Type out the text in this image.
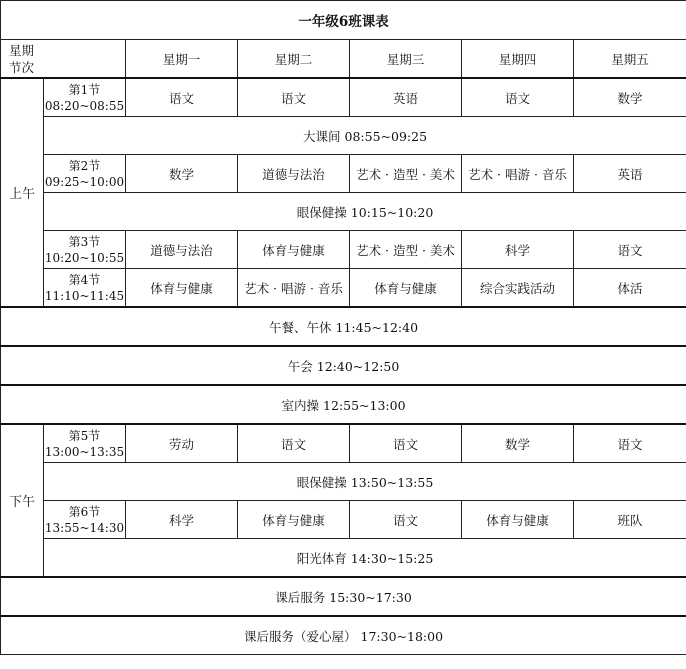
一年级6班课表						

星期
节次		星期一	星期二	星期三	星期四	星期五
上午	第1节
08:20~08:55	语文	语文	英语	语文	数学
	大课间 08:55~09:25					

	第2节
09:25~10:00	数学	道德与法治	艺术 · 造型 · 美术	艺术 · 唱游 · 音乐	英语
	眼保健操 10:15~10:20					

	第3节
10:20~10:55	道德与法治	体育与健康	艺术 · 造型 · 美术	科学	语文

	第4节
11:10~11:45	体育与健康	艺术 · 唱游 · 音乐	体育与健康	综合实践活动	体活
午餐、午休 11:45~12:40						
午会 12:40~12:50						
室内操 12:55~13:00						
下午	第5节
13:00~13:35	劳动	语文	语文	数学	语文
	眼保健操 13:50~13:55					

	第6节
13:55~14:30	科学	体育与健康	语文	体育与健康	班队
	阳光体育 14:30~15:25					
课后服务 15:30~17:30						
课后服务（爱心屋） 17:30~18:00						
